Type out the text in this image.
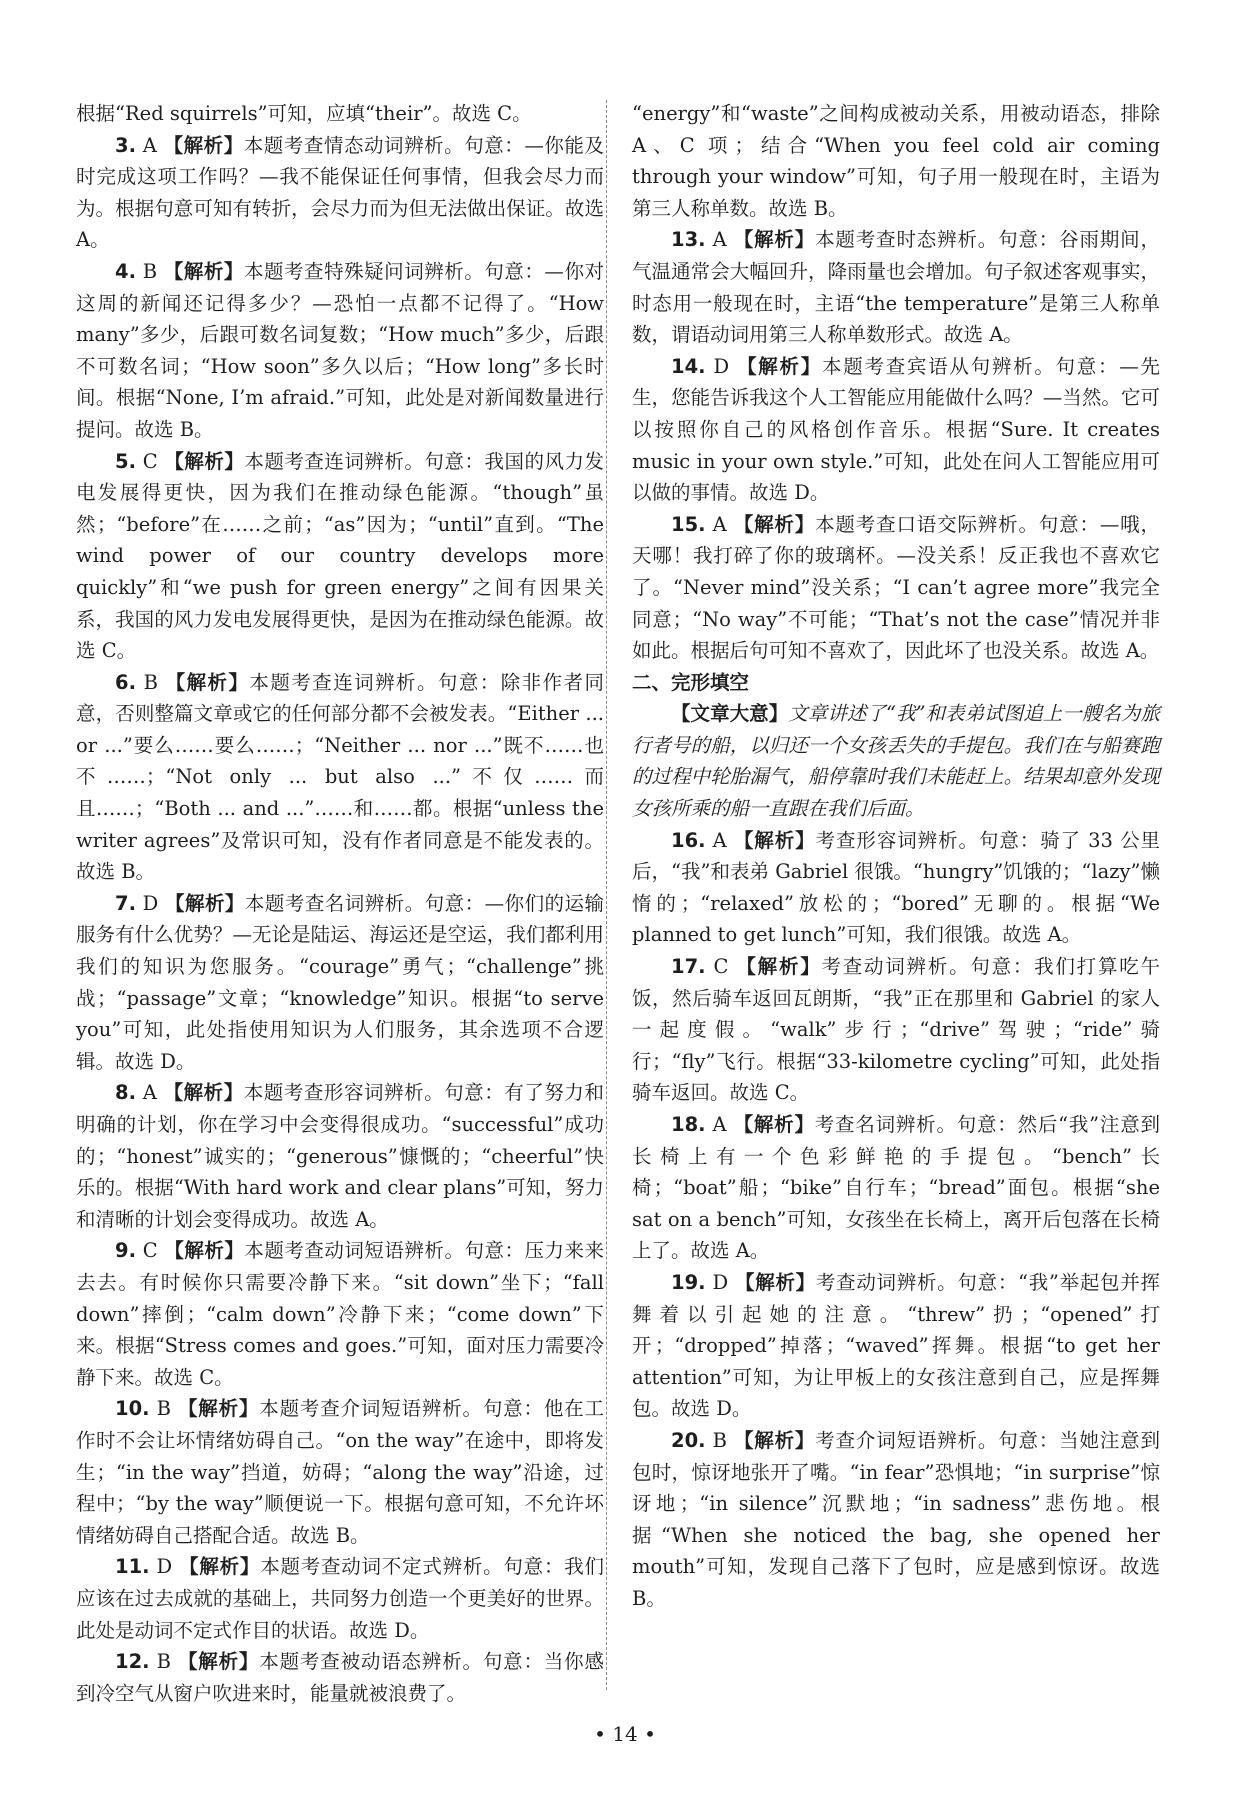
根据“Red squirrels”可知，应填“their”。故选 C。

3. A 【解析】本题考查情态动词辨析。句意：—你能及时完成这项工作吗？—我不能保证任何事情，但我会尽力而为。根据句意可知有转折，会尽力而为但无法做出保证。故选 A。

4. B 【解析】本题考查特殊疑问词辨析。句意：—你对这周的新闻还记得多少？—恐怕一点都不记得了。“How many”多少，后跟可数名词复数；“How much”多少，后跟不可数名词；“How soon”多久以后；“How long”多长时间。根据“None, I’m afraid.”可知，此处是对新闻数量进行提问。故选 B。

5. C 【解析】本题考查连词辨析。句意：我国的风力发电发展得更快，因为我们在推动绿色能源。“though”虽然；“before”在……之前；“as”因为；“until”直到。“The wind power of our country develops more quickly”和“we push for green energy”之间有因果关系，我国的风力发电发展得更快，是因为在推动绿色能源。故选 C。

6. B 【解析】本题考查连词辨析。句意：除非作者同意，否则整篇文章或它的任何部分都不会被发表。“Either ... or ...”要么……要么……；“Neither ... nor ...”既不……也不……；“Not only ... but also ...”不仅……而且……；“Both ... and ...”……和……都。根据“unless the writer agrees”及常识可知，没有作者同意是不能发表的。故选 B。

7. D 【解析】本题考查名词辨析。句意：—你们的运输服务有什么优势？—无论是陆运、海运还是空运，我们都利用我们的知识为您服务。“courage”勇气；“challenge”挑战；“passage”文章；“knowledge”知识。根据“to serve you”可知，此处指使用知识为人们服务，其余选项不合逻辑。故选 D。

8. A 【解析】本题考查形容词辨析。句意：有了努力和明确的计划，你在学习中会变得很成功。“successful”成功的；“honest”诚实的；“generous”慷慨的；“cheerful”快乐的。根据“With hard work and clear plans”可知，努力和清晰的计划会变得成功。故选 A。

9. C 【解析】本题考查动词短语辨析。句意：压力来来去去。有时候你只需要冷静下来。“sit down”坐下；“fall down”摔倒；“calm down”冷静下来；“come down”下来。根据“Stress comes and goes.”可知，面对压力需要冷静下来。故选 C。

10. B 【解析】本题考查介词短语辨析。句意：他在工作时不会让坏情绪妨碍自己。“on the way”在途中，即将发生；“in the way”挡道，妨碍；“along the way”沿途，过程中；“by the way”顺便说一下。根据句意可知，不允许坏情绪妨碍自己搭配合适。故选 B。

11. D 【解析】本题考查动词不定式辨析。句意：我们应该在过去成就的基础上，共同努力创造一个更美好的世界。此处是动词不定式作目的状语。故选 D。

12. B 【解析】本题考查被动语态辨析。句意：当你感到冷空气从窗户吹进来时，能量就被浪费了。

“energy”和“waste”之间构成被动关系，用被动语态，排除 A、C 项；结合“When you feel cold air coming through your window”可知，句子用一般现在时，主语为第三人称单数。故选 B。

13. A 【解析】本题考查时态辨析。句意：谷雨期间，气温通常会大幅回升，降雨量也会增加。句子叙述客观事实，时态用一般现在时，主语“the temperature”是第三人称单数，谓语动词用第三人称单数形式。故选 A。

14. D 【解析】本题考查宾语从句辨析。句意：—先生，您能告诉我这个人工智能应用能做什么吗？—当然。它可以按照你自己的风格创作音乐。根据“Sure. It creates music in your own style.”可知，此处在问人工智能应用可以做的事情。故选 D。

15. A 【解析】本题考查口语交际辨析。句意：—哦，天哪！我打碎了你的玻璃杯。—没关系！反正我也不喜欢它了。“Never mind”没关系；“I can’t agree more”我完全同意；“No way”不可能；“That’s not the case”情况并非如此。根据后句可知不喜欢了，因此坏了也没关系。故选 A。

二、完形填空

【文章大意】文章讲述了“我”和表弟试图追上一艘名为旅行者号的船，以归还一个女孩丢失的手提包。我们在与船赛跑的过程中轮胎漏气，船停靠时我们未能赶上。结果却意外发现女孩所乘的船一直跟在我们后面。

16. A 【解析】考查形容词辨析。句意：骑了 33 公里后，“我”和表弟 Gabriel 很饿。“hungry”饥饿的；“lazy”懒惰的；“relaxed”放松的；“bored”无聊的。根据“We planned to get lunch”可知，我们很饿。故选 A。

17. C 【解析】考查动词辨析。句意：我们打算吃午饭，然后骑车返回瓦朗斯，“我”正在那里和 Gabriel 的家人一起度假。“walk”步行；“drive”驾驶；“ride”骑行；“fly”飞行。根据“33-kilometre cycling”可知，此处指骑车返回。故选 C。

18. A 【解析】考查名词辨析。句意：然后“我”注意到长椅上有一个色彩鲜艳的手提包。“bench”长椅；“boat”船；“bike”自行车；“bread”面包。根据“she sat on a bench”可知，女孩坐在长椅上，离开后包落在长椅上了。故选 A。

19. D 【解析】考查动词辨析。句意：“我”举起包并挥舞着以引起她的注意。“threw”扔；“opened”打开；“dropped”掉落；“waved”挥舞。根据“to get her attention”可知，为让甲板上的女孩注意到自己，应是挥舞包。故选 D。

20. B 【解析】考查介词短语辨析。句意：当她注意到包时，惊讶地张开了嘴。“in fear”恐惧地；“in surprise”惊讶地；“in silence”沉默地；“in sadness”悲伤地。根据“When she noticed the bag, she opened her mouth”可知，发现自己落下了包时，应是感到惊讶。故选 B。

• 14 •
